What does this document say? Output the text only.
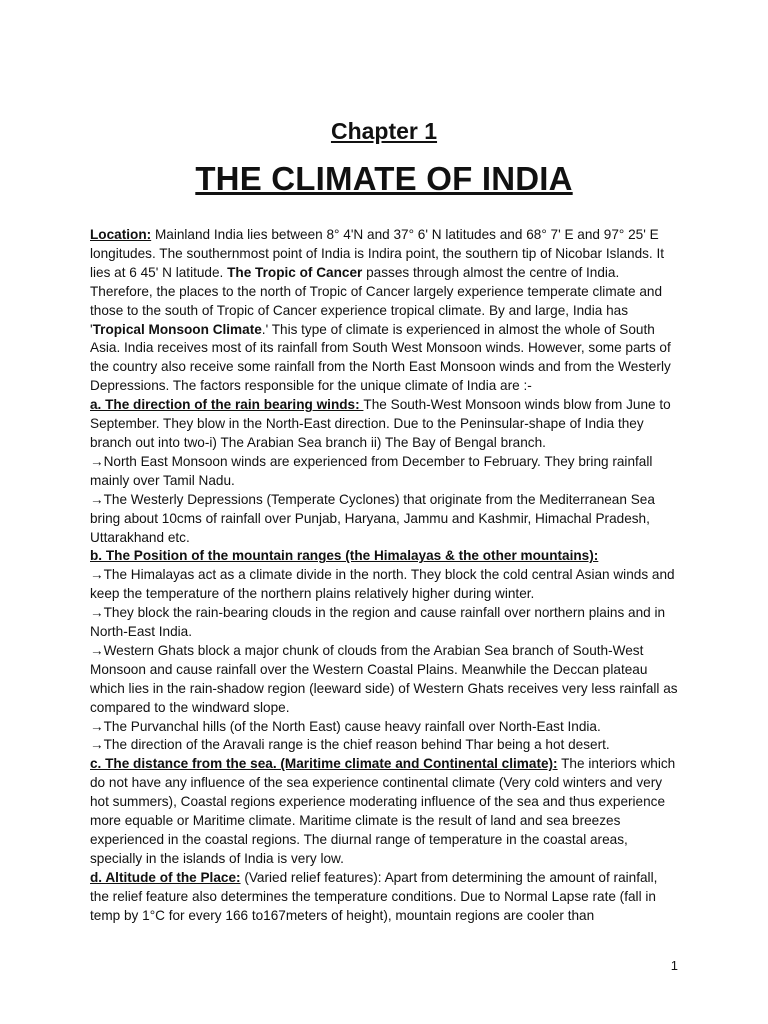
Chapter 1
THE CLIMATE OF INDIA

Location: Mainland India lies between 8° 4'N and 37° 6' N latitudes and 68° 7' E and 97° 25' E longitudes. The southernmost point of India is Indira point, the southern tip of Nicobar Islands. It lies at 6 45' N latitude. The Tropic of Cancer passes through almost the centre of India. Therefore, the places to the north of Tropic of Cancer largely experience temperate climate and those to the south of Tropic of Cancer experience tropical climate. By and large, India has 'Tropical Monsoon Climate.' This type of climate is experienced in almost the whole of South Asia. India receives most of its rainfall from South West Monsoon winds. However, some parts of the country also receive some rainfall from the North East Monsoon winds and from the Westerly Depressions. The factors responsible for the unique climate of India are :-

a. The direction of the rain bearing winds: The South-West Monsoon winds blow from June to September. They blow in the North-East direction. Due to the Peninsular-shape of India they branch out into two-i) The Arabian Sea branch ii) The Bay of Bengal branch.

→North East Monsoon winds are experienced from December to February. They bring rainfall mainly over Tamil Nadu.

→The Westerly Depressions (Temperate Cyclones) that originate from the Mediterranean Sea bring about 10cms of rainfall over Punjab, Haryana, Jammu and Kashmir, Himachal Pradesh, Uttarakhand etc.

b. The Position of the mountain ranges (the Himalayas & the other mountains):

→The Himalayas act as a climate divide in the north. They block the cold central Asian winds and keep the temperature of the northern plains relatively higher during winter.

→They block the rain-bearing clouds in the region and cause rainfall over northern plains and in North-East India.

→Western Ghats block a major chunk of clouds from the Arabian Sea branch of South-West Monsoon and cause rainfall over the Western Coastal Plains. Meanwhile the Deccan plateau which lies in the rain-shadow region (leeward side) of Western Ghats receives very less rainfall as compared to the windward slope.

→The Purvanchal hills (of the North East) cause heavy rainfall over North-East India.

→The direction of the Aravali range is the chief reason behind Thar being a hot desert.

c. The distance from the sea. (Maritime climate and Continental climate): The interiors which do not have any influence of the sea experience continental climate (Very cold winters and very hot summers), Coastal regions experience moderating influence of the sea and thus experience more equable or Maritime climate. Maritime climate is the result of land and sea breezes experienced in the coastal regions. The diurnal range of temperature in the coastal areas, specially in the islands of India is very low.

d. Altitude of the Place: (Varied relief features): Apart from determining the amount of rainfall, the relief feature also determines the temperature conditions. Due to Normal Lapse rate (fall in temp by 1°C for every 166 to167meters of height), mountain regions are cooler than

1
